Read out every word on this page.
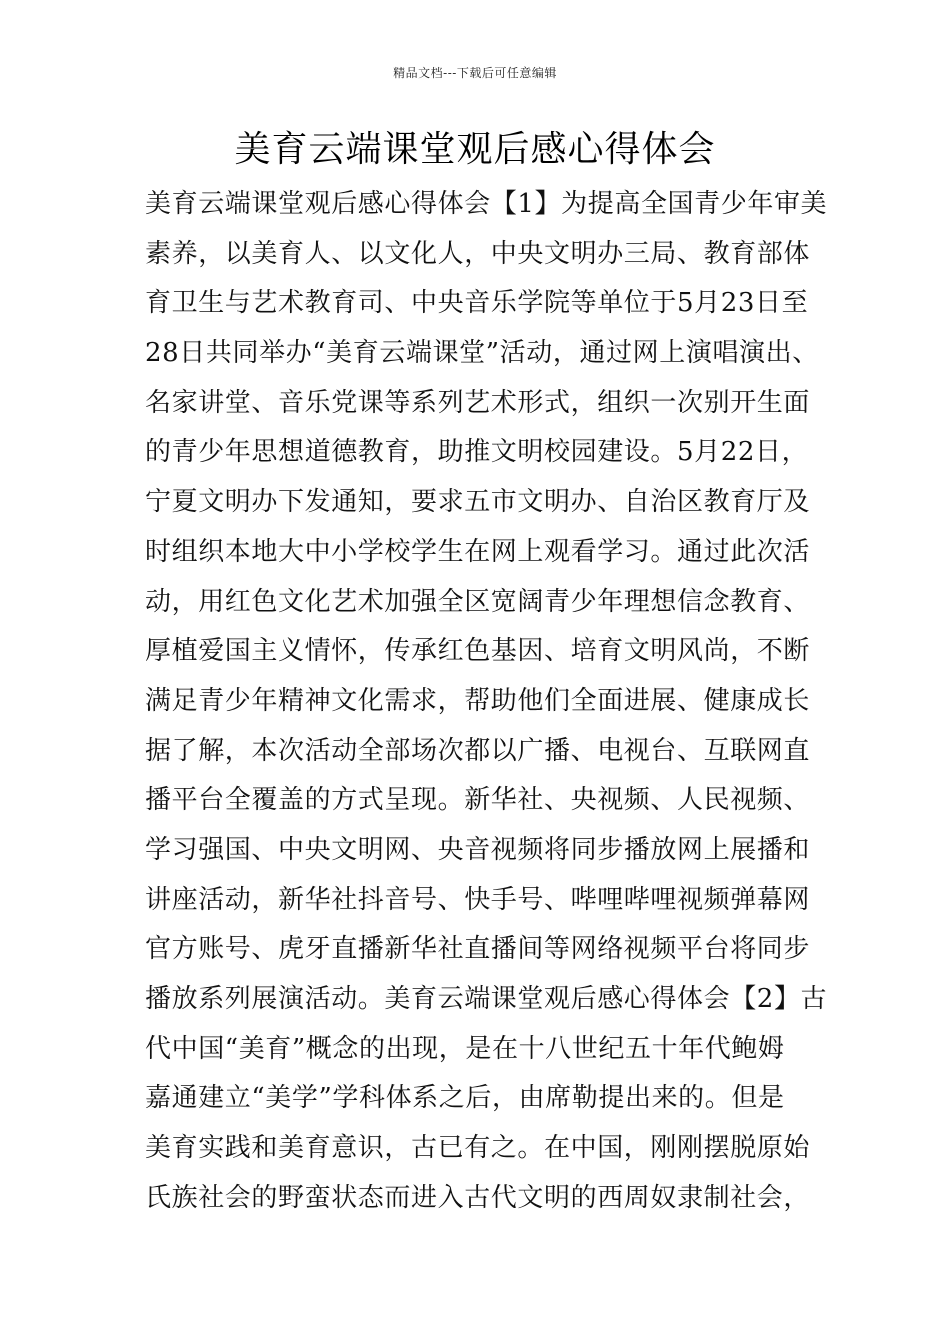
精品文档---下载后可任意编辑
美育云端课堂观后感心得体会
美育云端课堂观后感心得体会【1】为提高全国青少年审美
素养，以美育人、以文化人，中央文明办三局、教育部体
育卫生与艺术教育司、中央音乐学院等单位于5月23日至
28日共同举办“美育云端课堂”活动，通过网上演唱演出、
名家讲堂、音乐党课等系列艺术形式，组织一次别开生面
的青少年思想道德教育，助推文明校园建设。5月22日，
宁夏文明办下发通知，要求五市文明办、自治区教育厅及
时组织本地大中小学校学生在网上观看学习。通过此次活
动，用红色文化艺术加强全区宽阔青少年理想信念教育、
厚植爱国主义情怀，传承红色基因、培育文明风尚，不断
满足青少年精神文化需求，帮助他们全面进展、健康成长
据了解，本次活动全部场次都以广播、电视台、互联网直
播平台全覆盖的方式呈现。新华社、央视频、人民视频、
学习强国、中央文明网、央音视频将同步播放网上展播和
讲座活动，新华社抖音号、快手号、哔哩哔哩视频弹幕网
官方账号、虎牙直播新华社直播间等网络视频平台将同步
播放系列展演活动。美育云端课堂观后感心得体会【2】古
代中国“美育”概念的出现，是在十八世纪五十年代鲍姆
嘉通建立“美学”学科体系之后，由席勒提出来的。但是
美育实践和美育意识，古已有之。在中国，刚刚摆脱原始
氏族社会的野蛮状态而进入古代文明的西周奴隶制社会，
